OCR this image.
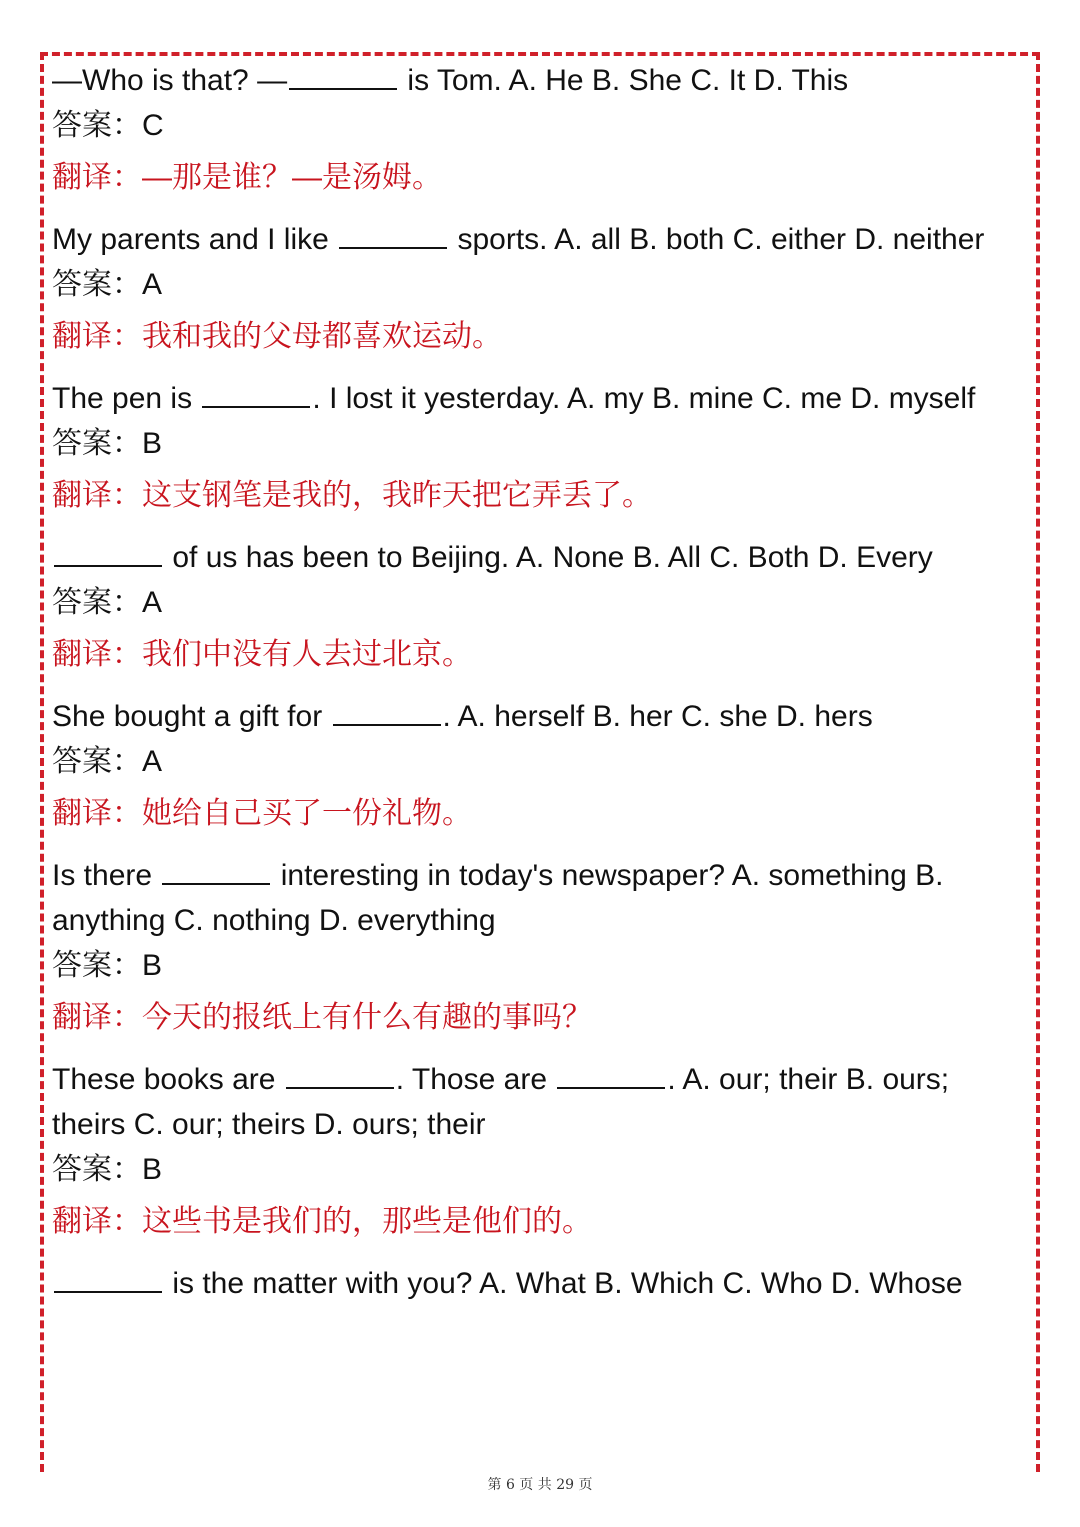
—Who is that? —	is Tom. A. He B. She C. It D. This

答案：C

翻译：—那是谁？—是汤姆。

My parents and I like	sports. A. all B. both C. either D. neither

答案：A

翻译：我和我的父母都喜欢运动。

The pen is	. I lost it yesterday. A. my B. mine C. me D. myself

答案：B

翻译：这支钢笔是我的，我昨天把它弄丢了。

of us has been to Beijing. A. None B. All C. Both D. Every

答案：A

翻译：我们中没有人去过北京。

She bought a gift for	. A. herself B. her C. she D. hers

答案：A

翻译：她给自己买了一份礼物。

Is there	interesting in today's newspaper? A. something B. anything C. nothing D. everything

答案：B

翻译：今天的报纸上有什么有趣的事吗？

These books are	. Those are	. A. our; their B. ours; theirs C. our; theirs D. ours; their

答案：B

翻译：这些书是我们的，那些是他们的。

is the matter with you? A. What B. Which C. Who D. Whose

第 6 页 共 29 页
